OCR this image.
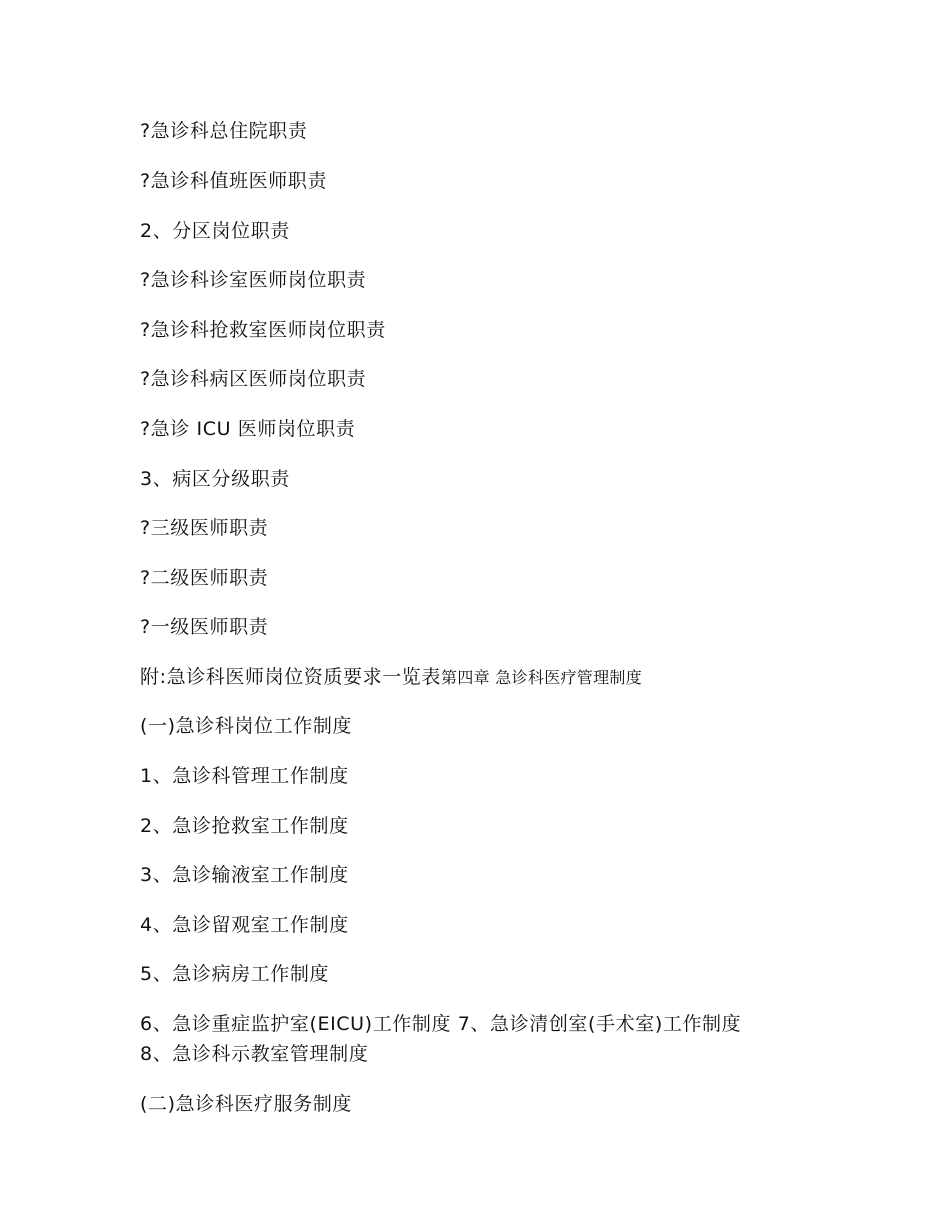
?急诊科总住院职责
?急诊科值班医师职责
2、分区岗位职责
?急诊科诊室医师岗位职责
?急诊科抢救室医师岗位职责
?急诊科病区医师岗位职责
?急诊 ICU 医师岗位职责
3、病区分级职责
?三级医师职责
?二级医师职责
?一级医师职责
附:急诊科医师岗位资质要求一览表第四章 急诊科医疗管理制度
(一)急诊科岗位工作制度
1、急诊科管理工作制度
2、急诊抢救室工作制度
3、急诊输液室工作制度
4、急诊留观室工作制度
5、急诊病房工作制度
6、急诊重症监护室(EICU)工作制度 7、急诊清创室(手术室)工作制度
8、急诊科示教室管理制度
(二)急诊科医疗服务制度
